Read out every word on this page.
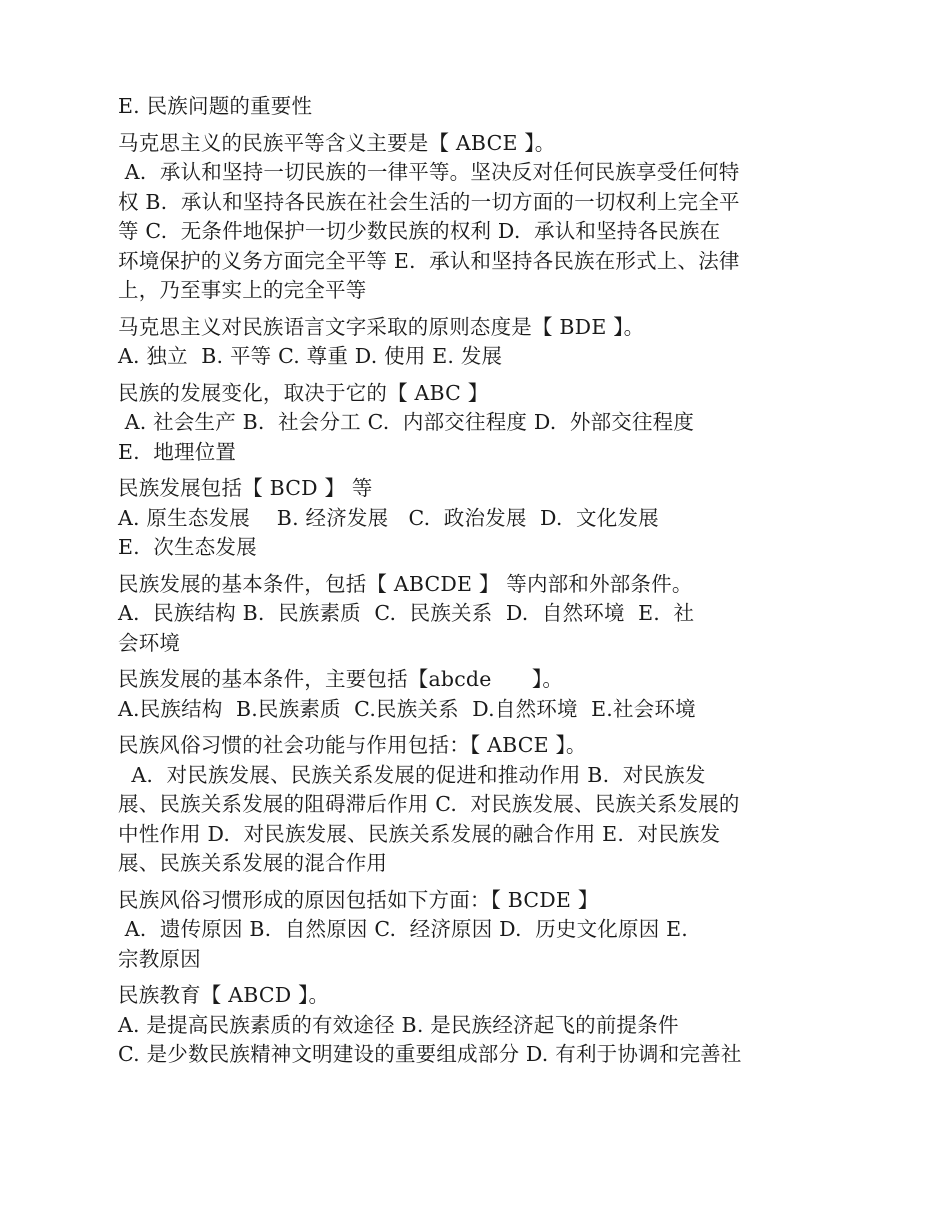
E. 民族问题的重要性
马克思主义的民族平等含义主要是【 ABCE 】。
A.  承认和坚持一切民族的一律平等。坚决反对任何民族享受任何特
权 B.  承认和坚持各民族在社会生活的一切方面的一切权利上完全平
等 C.  无条件地保护一切少数民族的权利 D.  承认和坚持各民族在
环境保护的义务方面完全平等 E.  承认和坚持各民族在形式上、法律
上，乃至事实上的完全平等
马克思主义对民族语言文字采取的原则态度是【 BDE 】。
A. 独立  B. 平等 C. 尊重 D. 使用 E. 发展
民族的发展变化，取决于它的【 ABC 】
A. 社会生产 B.  社会分工 C.  内部交往程度 D.  外部交往程度
E.  地理位置
民族发展包括【 BCD 】 等
A. 原生态发展    B. 经济发展   C.  政治发展  D.  文化发展
E.  次生态发展
民族发展的基本条件，包括【 ABCDE 】 等内部和外部条件。
A.  民族结构 B.  民族素质  C.  民族关系  D.  自然环境  E.  社
会环境
民族发展的基本条件，主要包括【abcde      】。
A.民族结构  B.民族素质  C.民族关系  D.自然环境  E.社会环境
民族风俗习惯的社会功能与作用包括：【 ABCE 】。
A.  对民族发展、民族关系发展的促进和推动作用 B.  对民族发
展、民族关系发展的阻碍滞后作用 C.  对民族发展、民族关系发展的
中性作用 D.  对民族发展、民族关系发展的融合作用 E.  对民族发
展、民族关系发展的混合作用
民族风俗习惯形成的原因包括如下方面：【 BCDE 】
A.  遗传原因 B.  自然原因 C.  经济原因 D.  历史文化原因 E.
宗教原因
民族教育【 ABCD 】。
A. 是提高民族素质的有效途径 B. 是民族经济起飞的前提条件
C. 是少数民族精神文明建设的重要组成部分 D. 有利于协调和完善社
